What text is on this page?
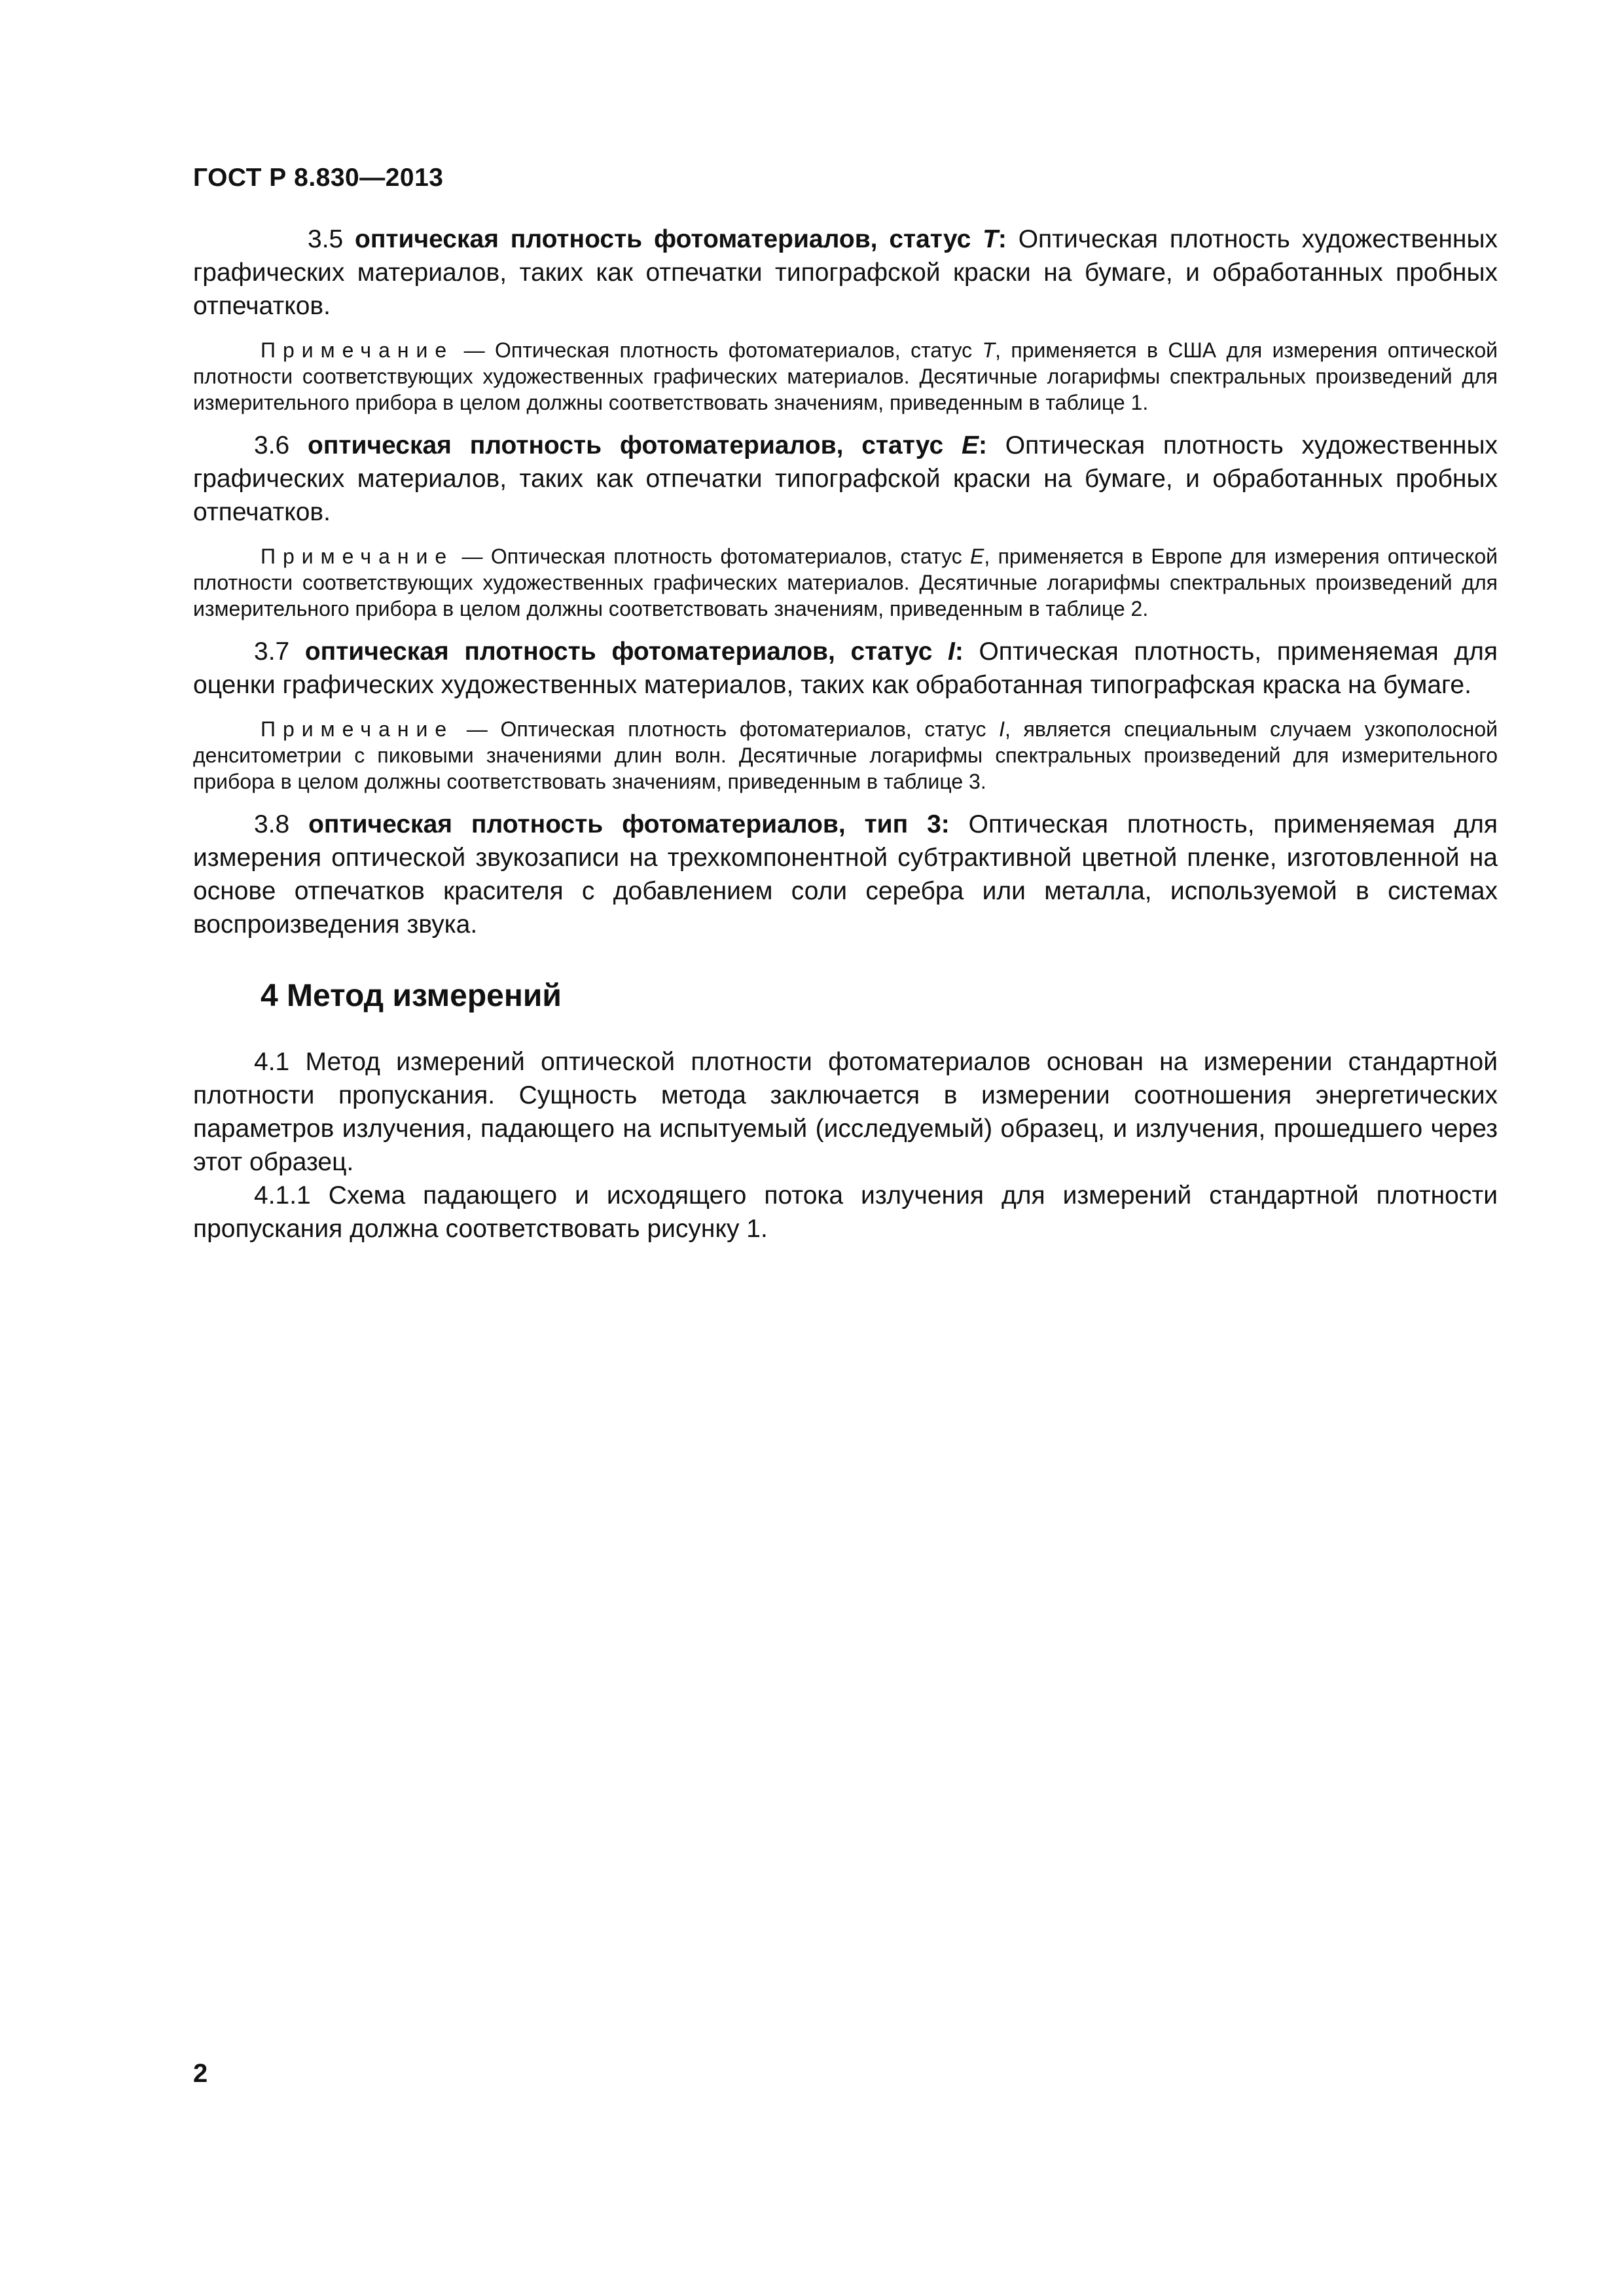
ГОСТ Р 8.830—2013

3.5 оптическая плотность фотоматериалов, статус T: Оптическая плотность художественных графических материалов, таких как отпечатки типографской краски на бумаге, и обработанных пробных отпечатков.

Примечание — Оптическая плотность фотоматериалов, статус T, применяется в США для измерения оптической плотности соответствующих художественных графических материалов. Десятичные логарифмы спектральных произведений для измерительного прибора в целом должны соответствовать значениям, приведенным в таблице 1.

3.6 оптическая плотность фотоматериалов, статус E: Оптическая плотность художественных графических материалов, таких как отпечатки типографской краски на бумаге, и обработанных пробных отпечатков.

Примечание — Оптическая плотность фотоматериалов, статус E, применяется в Европе для измерения оптической плотности соответствующих художественных графических материалов. Десятичные логарифмы спектральных произведений для измерительного прибора в целом должны соответствовать значениям, приведенным в таблице 2.

3.7 оптическая плотность фотоматериалов, статус I: Оптическая плотность, применяемая для оценки графических художественных материалов, таких как обработанная типографская краска на бумаге.

Примечание — Оптическая плотность фотоматериалов, статус I, является специальным случаем узкополосной денситометрии с пиковыми значениями длин волн. Десятичные логарифмы спектральных произведений для измерительного прибора в целом должны соответствовать значениям, приведенным в таблице 3.

3.8 оптическая плотность фотоматериалов, тип 3: Оптическая плотность, применяемая для измерения оптической звукозаписи на трехкомпонентной субтрактивной цветной пленке, изготовленной на основе отпечатков красителя с добавлением соли серебра или металла, используемой в системах воспроизведения звука.

4 Метод измерений

4.1 Метод измерений оптической плотности фотоматериалов основан на измерении стандартной плотности пропускания. Сущность метода заключается в измерении соотношения энергетических параметров излучения, падающего на испытуемый (исследуемый) образец, и излучения, прошедшего через этот образец.

4.1.1 Схема падающего и исходящего потока излучения для измерений стандартной плотности пропускания должна соответствовать рисунку 1.

2
